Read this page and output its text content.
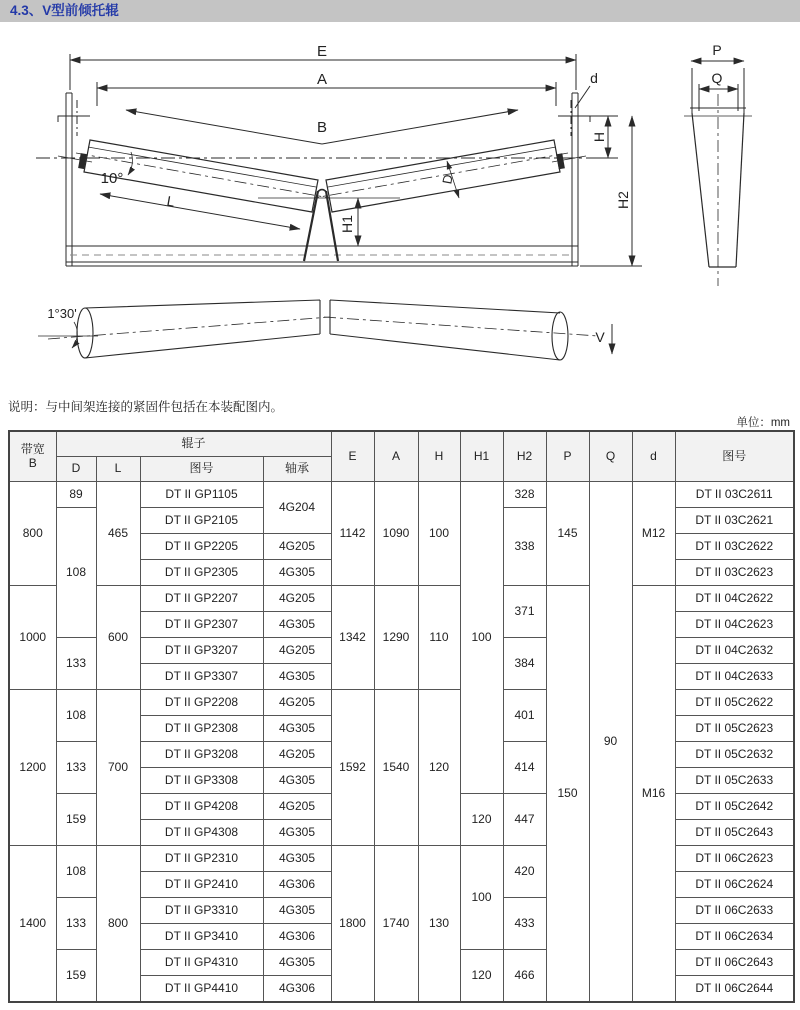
4.3、V型前倾托辊
E
A
B
d
H
H2
H1
L
D
10°
P
Q
1°30'
V
说明：与中间架连接的紧固件包括在本装配图内。
单位：mm
带宽
B	辊子				E	A	H	H1	H2	P	Q	d	图号
	D	L	图号	轴承									
800	89	465	DT II GP1105	4G204	1142	1090	100	100	328	145	90	M12	DT II 03C2611
	108		DT II GP2105						338				DT II 03C2621
			DT II GP2205	4G205									DT II 03C2622
			DT II GP2305	4G305									DT II 03C2623
1000		600	DT II GP2207	4G205	1342	1290	110		371	150		M16	DT II 04C2622
			DT II GP2307	4G305									DT II 04C2623
	133		DT II GP3207	4G205					384				DT II 04C2632
			DT II GP3307	4G305									DT II 04C2633
1200	108	700	DT II GP2208	4G205	1592	1540	120		401				DT II 05C2622
			DT II GP2308	4G305									DT II 05C2623
	133		DT II GP3208	4G205					414				DT II 05C2632
			DT II GP3308	4G305									DT II 05C2633
	159		DT II GP4208	4G205				120	447				DT II 05C2642
			DT II GP4308	4G305									DT II 05C2643
1400	108	800	DT II GP2310	4G305	1800	1740	130	100	420				DT II 06C2623
			DT II GP2410	4G306									DT II 06C2624
	133		DT II GP3310	4G305					433				DT II 06C2633
			DT II GP3410	4G306									DT II 06C2634
	159		DT II GP4310	4G305				120	466				DT II 06C2643
			DT II GP4410	4G306									DT II 06C2644
